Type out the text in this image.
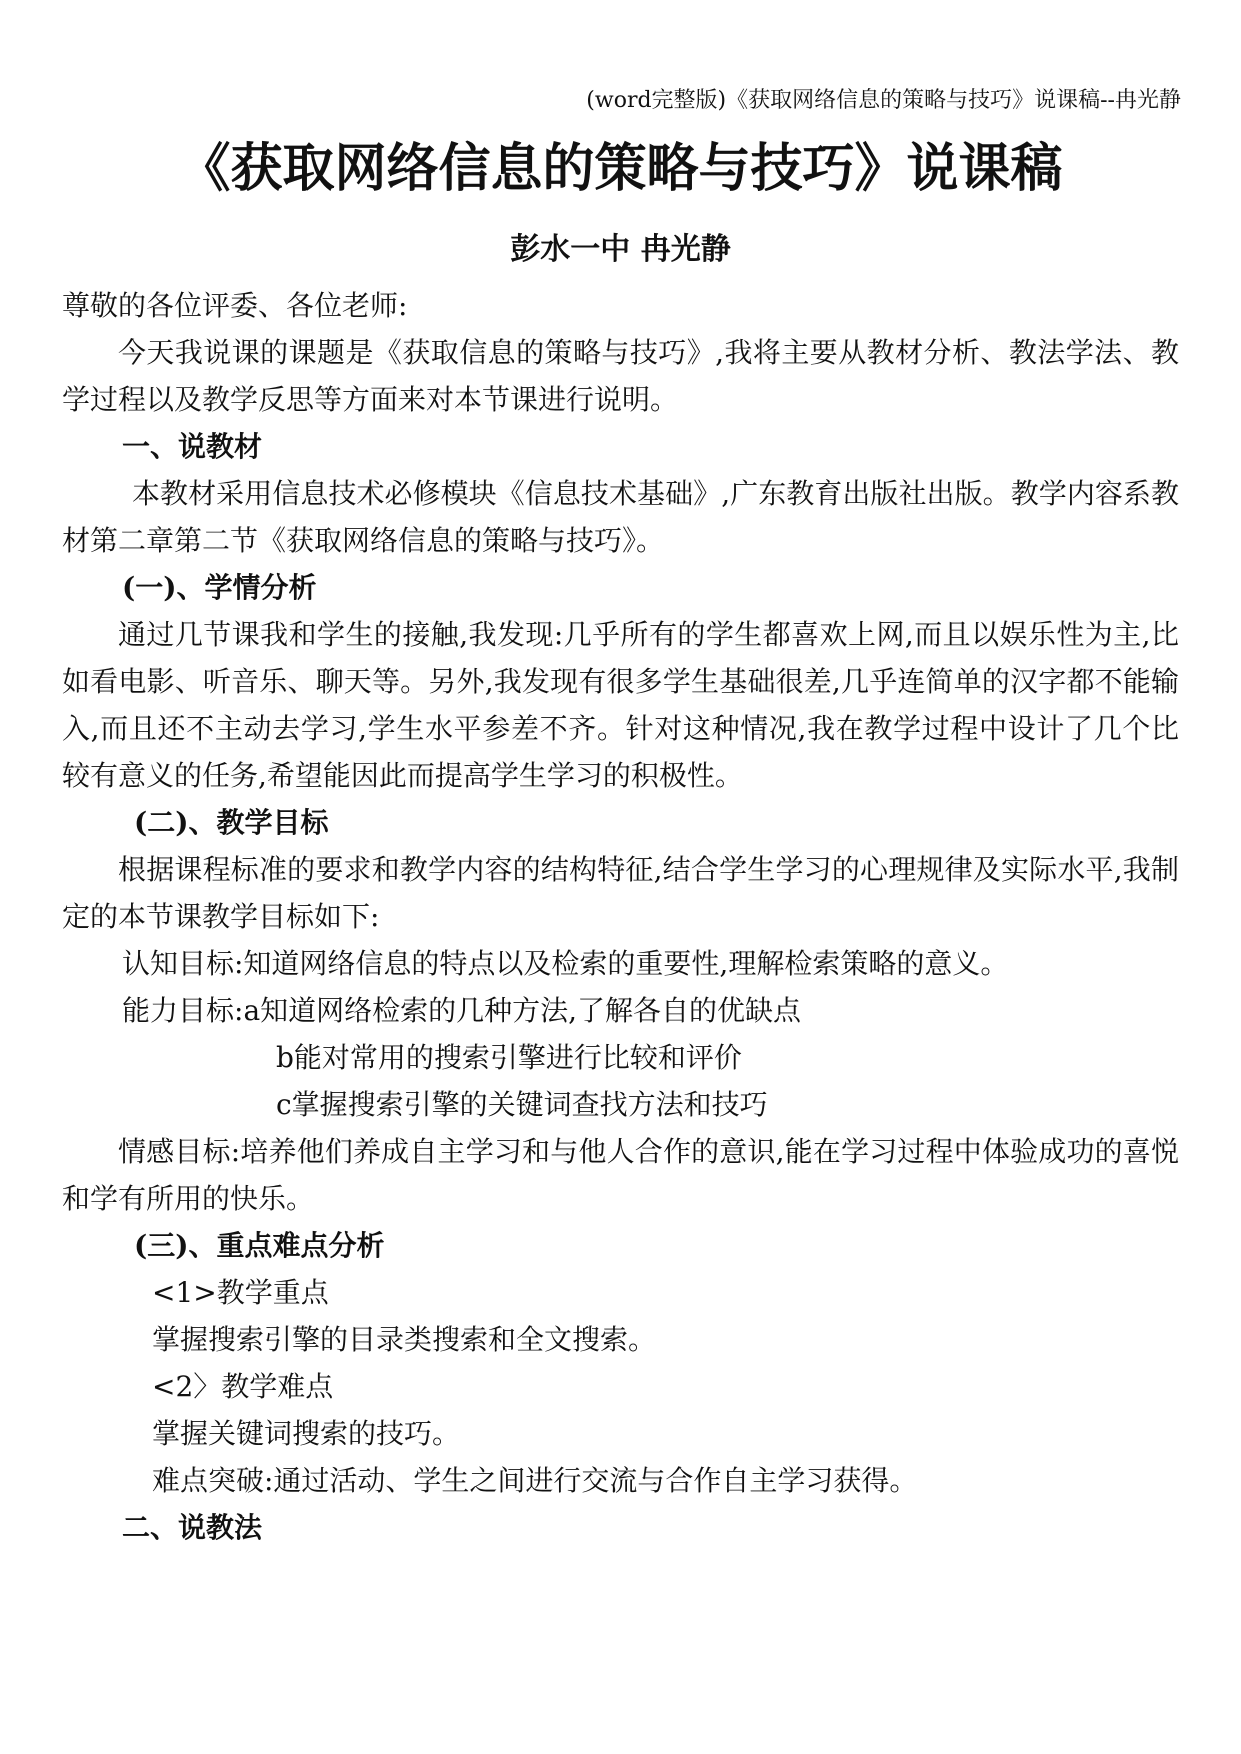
(word完整版)《获取网络信息的策略与技巧》说课稿--冉光静
《获取网络信息的策略与技巧》说课稿
彭水一中 冉光静

尊敬的各位评委、各位老师:

今天我说课的课题是《获取信息的策略与技巧》,我将主要从教材分析、教法学法、教学过程以及教学反思等方面来对本节课进行说明。

一、说教材

本教材采用信息技术必修模块《信息技术基础》,广东教育出版社出版。教学内容系教材第二章第二节《获取网络信息的策略与技巧》。

(一)、学情分析

通过几节课我和学生的接触,我发现:几乎所有的学生都喜欢上网,而且以娱乐性为主,比如看电影、听音乐、聊天等。另外,我发现有很多学生基础很差,几乎连简单的汉字都不能输入,而且还不主动去学习,学生水平参差不齐。针对这种情况,我在教学过程中设计了几个比较有意义的任务,希望能因此而提高学生学习的积极性。

(二)、教学目标

根据课程标准的要求和教学内容的结构特征,结合学生学习的心理规律及实际水平,我制定的本节课教学目标如下:

认知目标:知道网络信息的特点以及检索的重要性,理解检索策略的意义。

能力目标:a知道网络检索的几种方法,了解各自的优缺点

b能对常用的搜索引擎进行比较和评价

c掌握搜索引擎的关键词查找方法和技巧

情感目标:培养他们养成自主学习和与他人合作的意识,能在学习过程中体验成功的喜悦和学有所用的快乐。

(三)、重点难点分析

<1>教学重点

掌握搜索引擎的目录类搜索和全文搜索。

<2〉教学难点

掌握关键词搜索的技巧。

难点突破:通过活动、学生之间进行交流与合作自主学习获得。

二、说教法
